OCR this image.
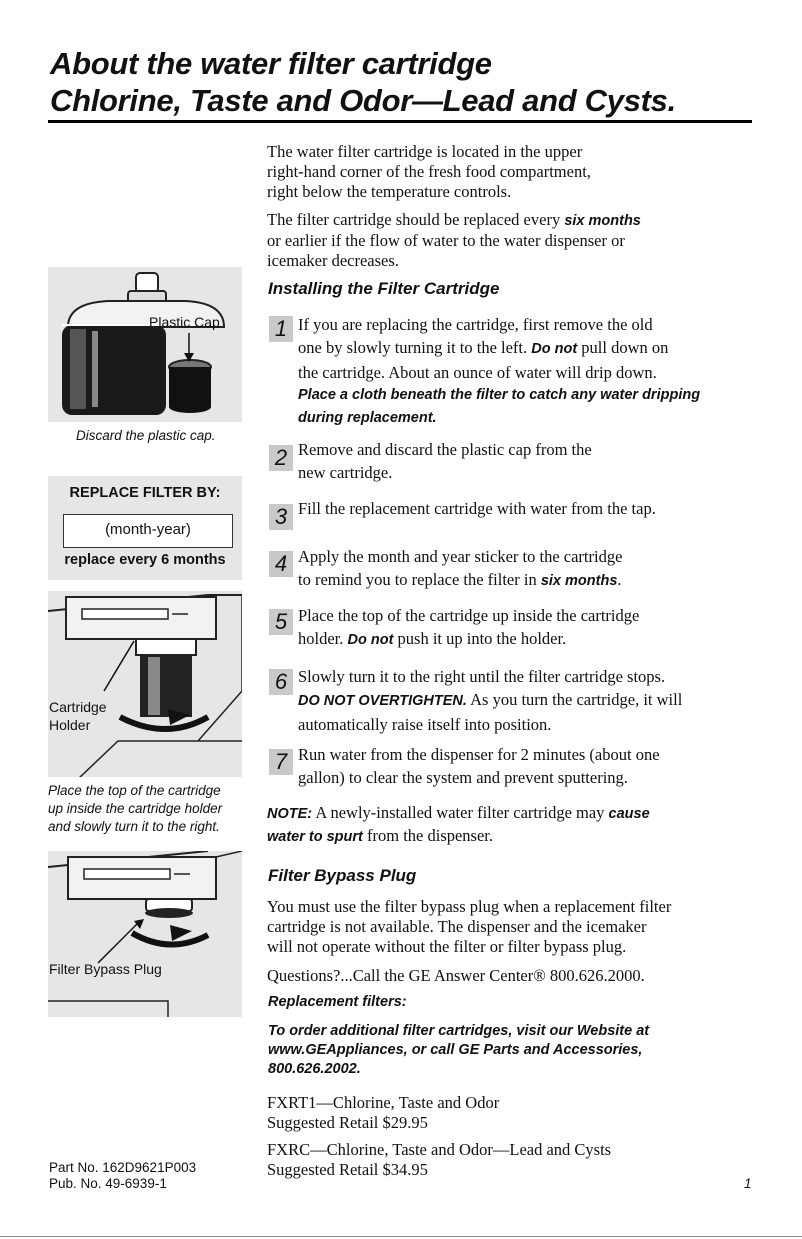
About the water filter cartridge
Chlorine, Taste and Odor—Lead and Cysts.
The water filter cartridge is located in the upper
right-hand corner of the fresh food compartment,
right below the temperature controls.
The filter cartridge should be replaced every six months
or earlier if the flow of water to the water dispenser or
icemaker decreases.
Installing the Filter Cartridge
1 If you are replacing the cartridge, first remove the old
one by slowly turning it to the left. Do not pull down on
the cartridge. About an ounce of water will drip down.
Place a cloth beneath the filter to catch any water dripping
during replacement.
2 Remove and discard the plastic cap from the
new cartridge.
3 Fill the replacement cartridge with water from the tap.
4 Apply the month and year sticker to the cartridge
to remind you to replace the filter in six months.
5 Place the top of the cartridge up inside the cartridge
holder. Do not push it up into the holder.
6 Slowly turn it to the right until the filter cartridge stops.
DO NOT OVERTIGHTEN. As you turn the cartridge, it will
automatically raise itself into position.
7 Run water from the dispenser for 2 minutes (about one
gallon) to clear the system and prevent sputtering.
NOTE: A newly-installed water filter cartridge may cause
water to spurt from the dispenser.
Filter Bypass Plug
You must use the filter bypass plug when a replacement filter
cartridge is not available. The dispenser and the icemaker
will not operate without the filter or filter bypass plug.
Questions?...Call the GE Answer Center® 800.626.2000.
Replacement filters:
To order additional filter cartridges, visit our Website at
www.GEAppliances, or call GE Parts and Accessories,
800.626.2002.
FXRT1—Chlorine, Taste and Odor
Suggested Retail $29.95
FXRC—Chlorine, Taste and Odor—Lead and Cysts
Suggested Retail $34.95
Plastic Cap
Discard the plastic cap.
REPLACE FILTER BY:
(month-year)
replace every 6 months
Cartridge
Holder
Place the top of the cartridge
up inside the cartridge holder
and slowly turn it to the right.
Filter Bypass Plug
Part No. 162D9621P003
Pub. No. 49-6939-1	1
